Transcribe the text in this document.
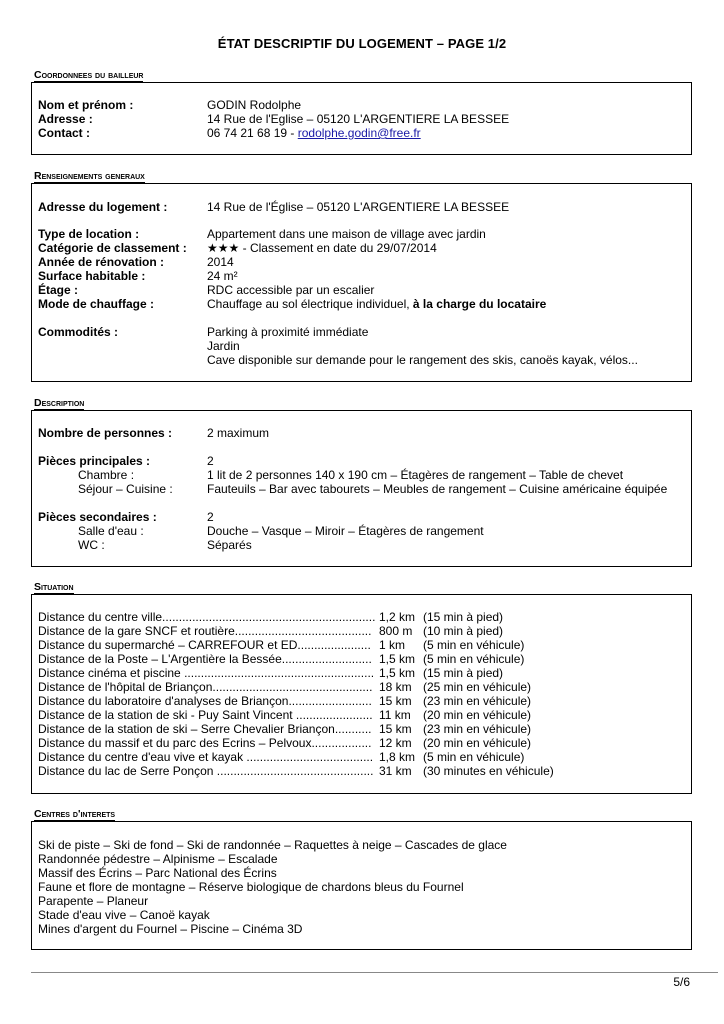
ÉTAT DESCRIPTIF DU LOGEMENT – PAGE 1/2
Coordonnees du bailleur
Nom et prénom :	GODIN Rodolphe
Adresse :	14 Rue de l'Eglise – 05120 L'ARGENTIERE LA BESSEE
Contact :	06 74 21 68 19 - rodolphe.godin@free.fr
Renseignements generaux
Adresse du logement :	14 Rue de l'Église – 05120 L'ARGENTIERE LA BESSEE
Type de location :	Appartement dans une maison de village avec jardin
Catégorie de classement : ★★★ - Classement en date du 29/07/2014
Année de rénovation :	2014
Surface habitable :	24 m²
Étage :	RDC accessible par un escalier
Mode de chauffage :	Chauffage au sol électrique individuel, à la charge du locataire
Commodités :	Parking à proximité immédiate
Jardin
Cave disponible sur demande pour le rangement des skis, canoës kayak, vélos...
Description
Nombre de personnes :	2 maximum
Pièces principales :	2
Chambre :	1 lit de 2 personnes 140 x 190 cm – Étagères de rangement – Table de chevet
Séjour – Cuisine :	Fauteuils – Bar avec tabourets – Meubles de rangement – Cuisine américaine équipée
Pièces secondaires :	2
Salle d'eau :	Douche – Vasque – Miroir – Étagères de rangement
WC :	Séparés
Situation
Distance du centre ville................................................................ 1,2 km (15 min à pied)
Distance de la gare SNCF et routière......................................... 800 m (10 min à pied)
Distance du supermarché – CARREFOUR et ED...................... 1 km (5 min en véhicule)
Distance de la Poste – L'Argentière la Bessée........................... 1,5 km (5 min en véhicule)
Distance cinéma et piscine ......................................................... 1,5 km (15 min à pied)
Distance de l'hôpital de Briançon................................................ 18 km (25 min en véhicule)
Distance du laboratoire d'analyses de Briançon......................... 15 km (23 min en véhicule)
Distance de la station de ski - Puy Saint Vincent ....................... 11 km (20 min en véhicule)
Distance de la station de ski – Serre Chevalier Briançon........... 15 km (23 min en véhicule)
Distance du massif et du parc des Ecrins – Pelvoux.................. 12 km (20 min en véhicule)
Distance du centre d'eau vive et kayak ...................................... 1,8 km (5 min en véhicule)
Distance du lac de Serre Ponçon ............................................... 31 km (30 minutes en véhicule)
Centres d'interets
Ski de piste – Ski de fond – Ski de randonnée – Raquettes à neige – Cascades de glace
Randonnée pédestre – Alpinisme – Escalade
Massif des Écrins – Parc National des Écrins
Faune et flore de montagne – Réserve biologique de chardons bleus du Fournel
Parapente – Planeur
Stade d'eau vive – Canoë kayak
Mines d'argent du Fournel – Piscine – Cinéma 3D
5/6
